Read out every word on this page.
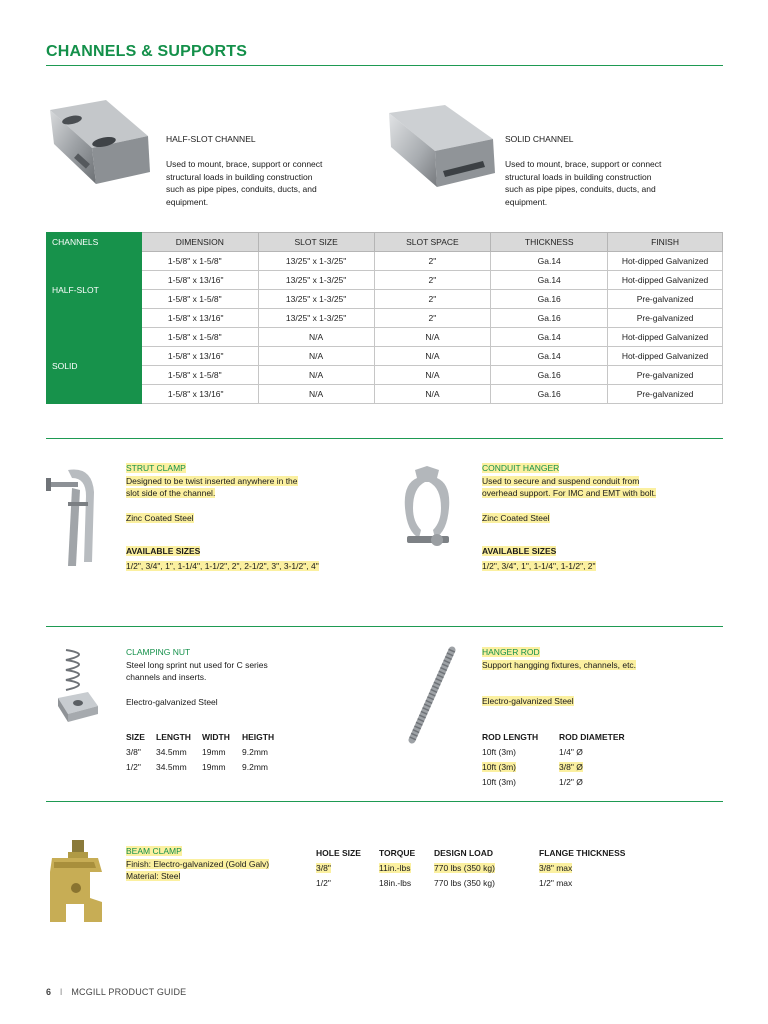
CHANNELS & SUPPORTS
HALF-SLOT CHANNEL
Used to mount, brace, support or connect
structural loads in building construction
such as pipe pipes, conduits, ducts, and
equipment.
SOLID CHANNEL
Used to mount, brace, support or connect
structural loads in building construction
such as pipe pipes, conduits, ducts, and
equipment.
CHANNELS	DIMENSION	SLOT SIZE	SLOT SPACE	THICKNESS	FINISH
HALF-SLOT	1-5/8" x 1-5/8"	13/25" x 1-3/25"	2"	Ga.14	Hot-dipped Galvanized
	1-5/8" x 13/16"	13/25" x 1-3/25"	2"	Ga.14	Hot-dipped Galvanized
	1-5/8" x 1-5/8"	13/25" x 1-3/25"	2"	Ga.16	Pre-galvanized
	1-5/8" x 13/16"	13/25" x 1-3/25"	2"	Ga.16	Pre-galvanized
SOLID	1-5/8" x 1-5/8"	N/A	N/A	Ga.14	Hot-dipped Galvanized
	1-5/8" x 13/16"	N/A	N/A	Ga.14	Hot-dipped Galvanized
	1-5/8" x 1-5/8"	N/A	N/A	Ga.16	Pre-galvanized
	1-5/8" x 13/16"	N/A	N/A	Ga.16	Pre-galvanized
STRUT CLAMP
Designed to be twist inserted anywhere in the
slot side of the channel.
Zinc Coated Steel
AVAILABLE SIZES
1/2", 3/4", 1", 1-1/4", 1-1/2", 2", 2-1/2", 3", 3-1/2", 4"
CONDUIT HANGER
Used to secure and suspend conduit from
overhead support. For IMC and EMT with bolt.
Zinc Coated Steel
AVAILABLE SIZES
1/2", 3/4", 1", 1-1/4", 1-1/2", 2"
CLAMPING NUT
Steel long sprint nut used for C series
channels and inserts.
Electro-galvanized Steel
SIZE	LENGTH	WIDTH	HEIGTH
3/8"	34.5mm	19mm	9.2mm
1/2"	34.5mm	19mm	9.2mm
HANGER ROD
Support hangging fixtures, channels, etc.
Electro-galvanized Steel
ROD LENGTH	ROD DIAMETER
10ft (3m)	1/4" Ø
10ft (3m)	3/8" Ø
10ft (3m)	1/2" Ø
BEAM CLAMP
Finish: Electro-galvanized (Gold Galv)
Material: Steel
HOLE SIZE	TORQUE	DESIGN LOAD	FLANGE THICKNESS
3/8"	11in.-lbs	770 lbs (350 kg)	3/8" max
1/2"	18in.-lbs	770 lbs (350 kg)	1/2" max
6 I MCGILL PRODUCT GUIDE
